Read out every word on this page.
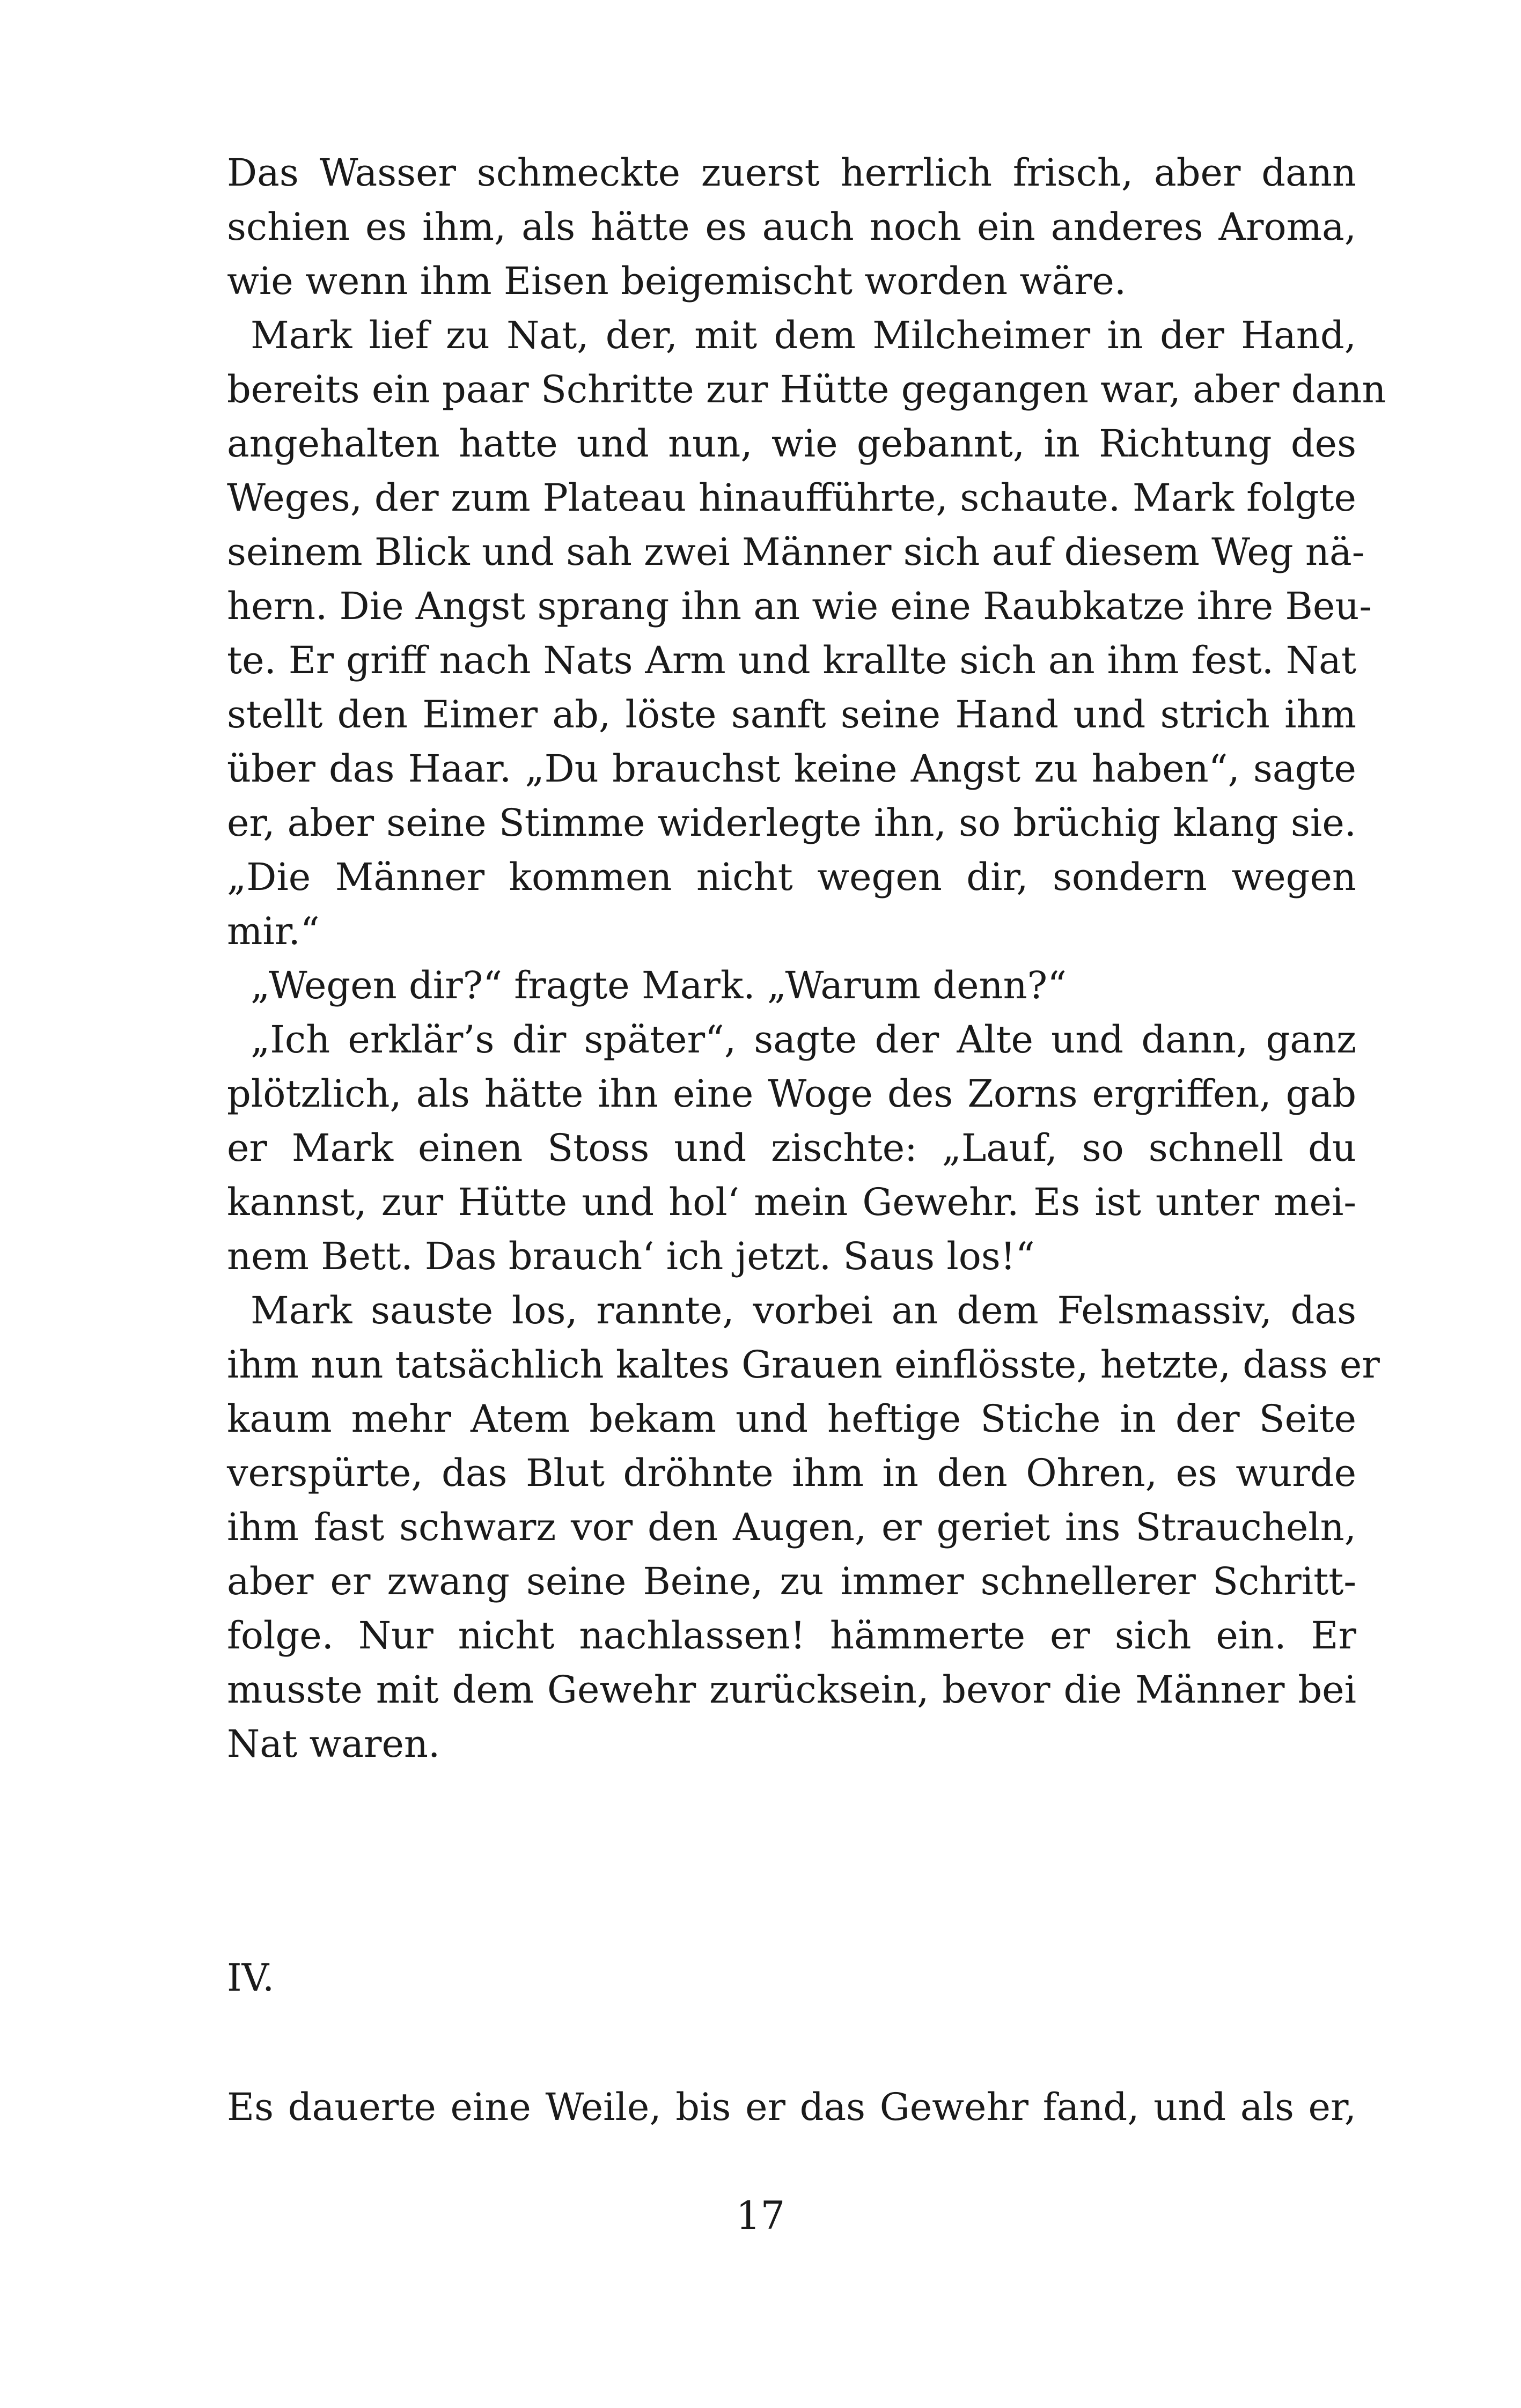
Das Wasser schmeckte zuerst herrlich frisch, aber dann
schien es ihm, als hätte es auch noch ein anderes Aroma,
wie wenn ihm Eisen beigemischt worden wäre.
Mark lief zu Nat, der, mit dem Milcheimer in der Hand,
bereits ein paar Schritte zur Hütte gegangen war, aber dann
angehalten hatte und nun, wie gebannt, in Richtung des
Weges, der zum Plateau hinaufführte, schaute. Mark folgte
seinem Blick und sah zwei Männer sich auf diesem Weg nä-
hern. Die Angst sprang ihn an wie eine Raubkatze ihre Beu-
te. Er griff nach Nats Arm und krallte sich an ihm fest. Nat
stellt den Eimer ab, löste sanft seine Hand und strich ihm
über das Haar. „Du brauchst keine Angst zu haben“, sagte
er, aber seine Stimme widerlegte ihn, so brüchig klang sie.
„Die Männer kommen nicht wegen dir, sondern wegen
mir.“
„Wegen dir?“ fragte Mark. „Warum denn?“
„Ich erklär’s dir später“, sagte der Alte und dann, ganz
plötzlich, als hätte ihn eine Woge des Zorns ergriffen, gab
er Mark einen Stoss und zischte: „Lauf, so schnell du
kannst, zur Hütte und hol‘ mein Gewehr. Es ist unter mei-
nem Bett. Das brauch‘ ich jetzt. Saus los!“
Mark sauste los, rannte, vorbei an dem Felsmassiv, das
ihm nun tatsächlich kaltes Grauen einflösste, hetzte, dass er
kaum mehr Atem bekam und heftige Stiche in der Seite
verspürte, das Blut dröhnte ihm in den Ohren, es wurde
ihm fast schwarz vor den Augen, er geriet ins Straucheln,
aber er zwang seine Beine, zu immer schnellerer Schritt-
folge. Nur nicht nachlassen! hämmerte er sich ein. Er
musste mit dem Gewehr zurücksein, bevor die Männer bei
Nat waren.
IV.
Es dauerte eine Weile, bis er das Gewehr fand, und als er,
17
